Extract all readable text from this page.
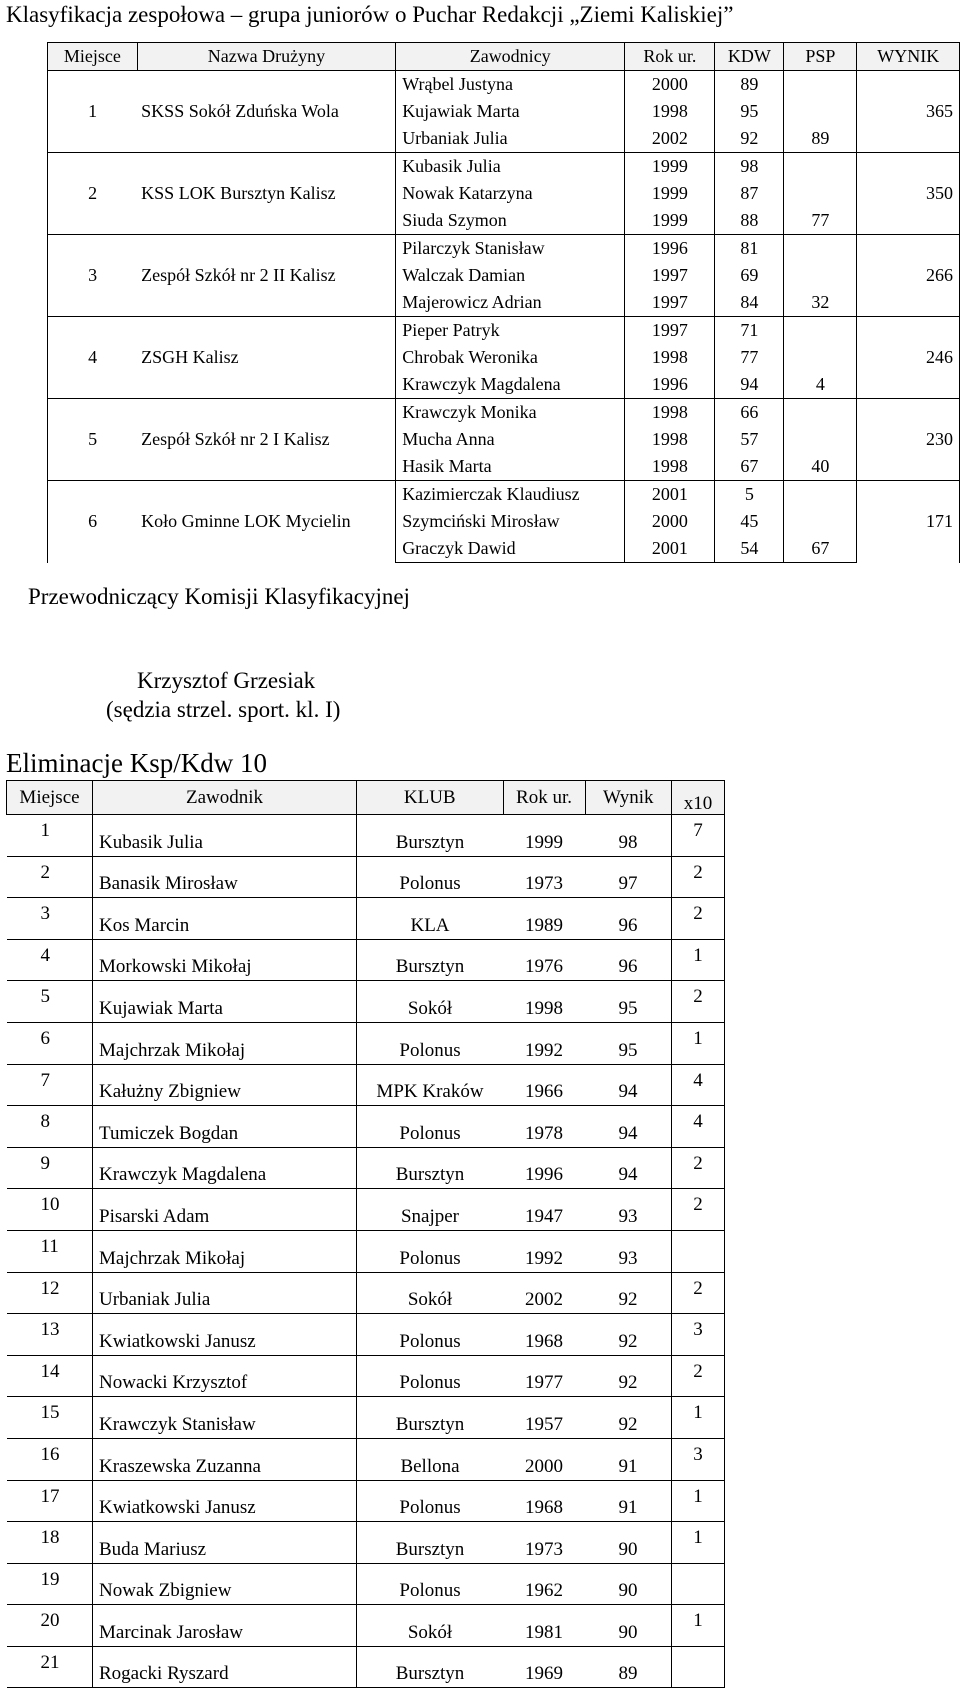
Klasyfikacja zespołowa – grupa juniorów o Puchar Redakcji „Ziemi Kaliskiej”
Miejsce	Nazwa Drużyny	Zawodnicy	Rok ur.	KDW	PSP	WYNIK
1	SKSS Sokół Zduńska Wola	Wrąbel Justyna	2000	89		365
		Kujawiak Marta	1998	95		
		Urbaniak Julia	2002	92	89	
2	KSS LOK Bursztyn Kalisz	Kubasik Julia	1999	98		350
		Nowak Katarzyna	1999	87		
		Siuda Szymon	1999	88	77	
3	Zespół Szkół nr 2 II Kalisz	Pilarczyk Stanisław	1996	81		266
		Walczak Damian	1997	69		
		Majerowicz Adrian	1997	84	32	
4	ZSGH Kalisz	Pieper Patryk	1997	71		246
		Chrobak Weronika	1998	77		
		Krawczyk Magdalena	1996	94	4	
5	Zespół Szkół nr 2 I Kalisz	Krawczyk Monika	1998	66		230
		Mucha Anna	1998	57		
		Hasik Marta	1998	67	40	
6	Koło Gminne LOK Mycielin	Kazimierczak Klaudiusz	2001	5		171
		Szymciński Mirosław	2000	45		
		Graczyk Dawid	2001	54	67	
Przewodniczący Komisji Klasyfikacyjnej
Krzysztof Grzesiak
(sędzia strzel. sport. kl. I)
Eliminacje Ksp/Kdw 10
Miejsce	Zawodnik	KLUB	Rok ur.	Wynik	x10
1	Kubasik Julia	Bursztyn	1999	98	7
2	Banasik Mirosław	Polonus	1973	97	2
3	Kos Marcin	KLA	1989	96	2
4	Morkowski Mikołaj	Bursztyn	1976	96	1
5	Kujawiak Marta	Sokół	1998	95	2
6	Majchrzak Mikołaj	Polonus	1992	95	1
7	Kałużny Zbigniew	MPK Kraków	1966	94	4
8	Tumiczek Bogdan	Polonus	1978	94	4
9	Krawczyk Magdalena	Bursztyn	1996	94	2
10	Pisarski Adam	Snajper	1947	93	2
11	Majchrzak Mikołaj	Polonus	1992	93	
12	Urbaniak Julia	Sokół	2002	92	2
13	Kwiatkowski Janusz	Polonus	1968	92	3
14	Nowacki Krzysztof	Polonus	1977	92	2
15	Krawczyk Stanisław	Bursztyn	1957	92	1
16	Kraszewska Zuzanna	Bellona	2000	91	3
17	Kwiatkowski Janusz	Polonus	1968	91	1
18	Buda Mariusz	Bursztyn	1973	90	1
19	Nowak Zbigniew	Polonus	1962	90	
20	Marcinak Jarosław	Sokół	1981	90	1
21	Rogacki Ryszard	Bursztyn	1969	89	
